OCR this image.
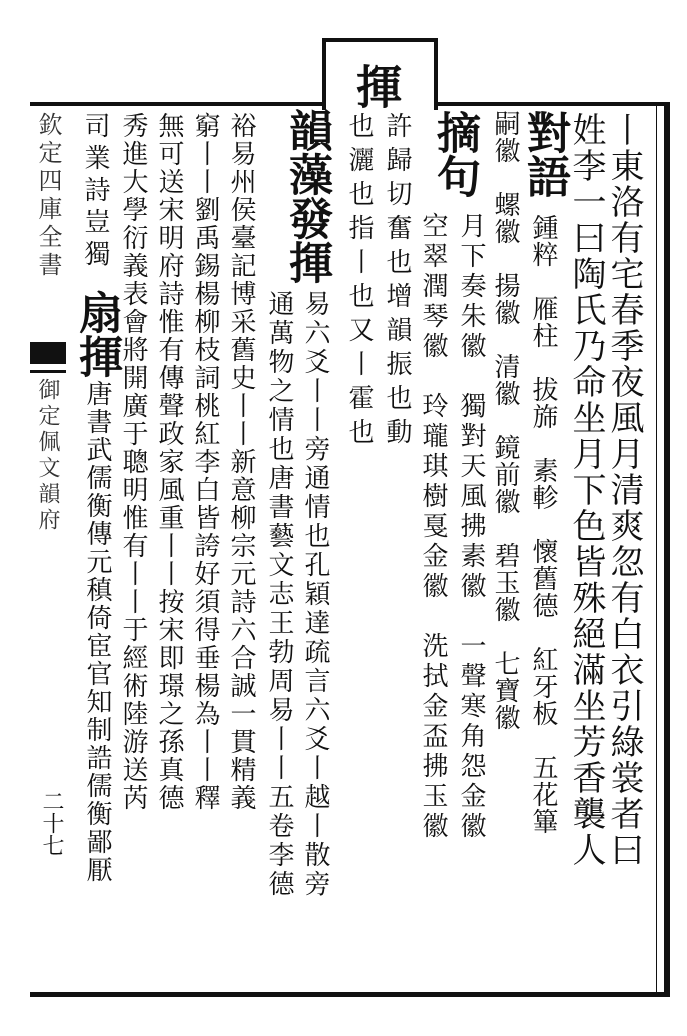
揮
欽定四庫全書
御定佩文韻府
二十七	丨東洛有宅春季夜風月清爽忽有白衣引綠裳者曰
姓李一曰陶氏乃命坐月下色皆殊絕滿坐芳香襲人
對語
鍾粹　雁柱　拔旆　素軫　懷舊德　紅牙板　五花篳
嗣徽　螺徽　揚徽　清徽　鏡前徽　碧玉徽　七寶徽
摘句
月下奏朱徽　獨對天風拂素徽　一聲寒角怨金徽
空翠潤琴徽　玲瓏琪樹戛金徽　洗拭金盃拂玉徽
許歸切奮也增韻振也動
也灑也指丨也又丨霍也
韻藻發揮
易六爻丨丨旁通情也孔穎達疏言六爻丨越丨散旁
通萬物之情也唐書藝文志王勃周易丨丨五卷李德
裕易州侯臺記博采舊史丨丨新意柳宗元詩六合誠一貫精義
窮丨丨劉禹錫楊柳枝詞桃紅李白皆誇好須得垂楊為丨丨釋
無可送宋明府詩惟有傳聲政家風重丨丨按宋即璟之孫真德
秀進大學衍義表會將開廣于聰明惟有丨丨于經術陸游送芮
司業詩豈獨
扇揮
唐書武儒衡傳元稹倚宦官知制誥儒衡鄙厭
